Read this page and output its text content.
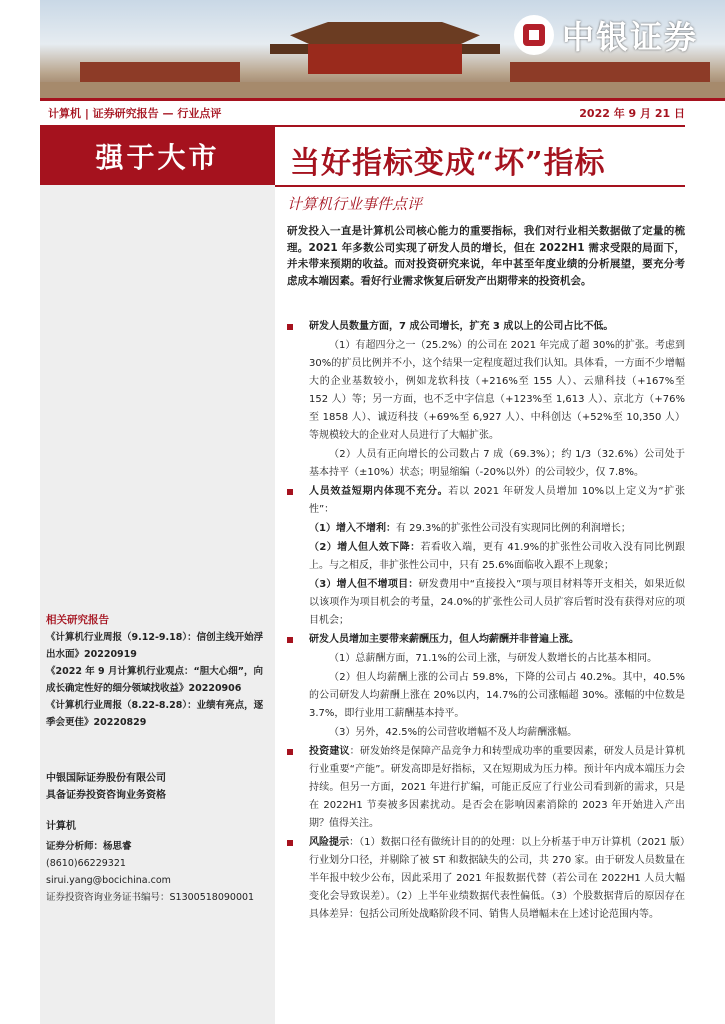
中银证券
计算机 | 证券研究报告 — 行业点评	2022 年 9 月 21 日
强于大市	当好指标变成“坏”指标
计算机行业事件点评
研发投入一直是计算机公司核心能力的重要指标，我们对行业相关数据做了定量的梳理。2021 年多数公司实现了研发人员的增长，但在 2022H1 需求受限的局面下，并未带来预期的收益。而对投资研究来说，年中甚至年度业绩的分析展望，要充分考虑成本端因素。看好行业需求恢复后研发产出期带来的投资机会。
研发人员数量方面，7 成公司增长，扩充 3 成以上的公司占比不低。
（1）有超四分之一（25.2%）的公司在 2021 年完成了超 30%的扩张。考虑到 30%的扩员比例并不小，这个结果一定程度超过我们认知。具体看，一方面不少增幅大的企业基数较小，例如龙软科技（+216%至 155 人）、云鼎科技（+167%至 152 人）等；另一方面，也不乏中字信息（+123%至 1,613 人）、京北方（+76%至 1858 人）、诚迈科技（+69%至 6,927 人）、中科创达（+52%至 10,350 人）等规模较大的企业对人员进行了大幅扩张。
（2）人员有正向增长的公司数占 7 成（69.3%）；约 1/3（32.6%）公司处于基本持平（±10%）状态；明显缩编（-20%以外）的公司较少，仅 7.8%。
人员效益短期内体现不充分。若以 2021 年研发人员增加 10%以上定义为“扩张性”：
（1）增入不增利：有 29.3%的扩张性公司没有实现同比例的利润增长；
（2）增人但人效下降：若看收入端，更有 41.9%的扩张性公司收入没有同比例跟上。与之相反，非扩张性公司中，只有 25.6%面临收入跟不上现象；
（3）增人但不增项目：研发费用中“直接投入”项与项目材料等开支相关，如果近似以该项作为项目机会的考量，24.0%的扩张性公司人员扩容后暂时没有获得对应的项目机会；
研发人员增加主要带来薪酬压力，但人均薪酬并非普遍上涨。
（1）总薪酬方面，71.1%的公司上涨，与研发人数增长的占比基本相同。
（2）但人均薪酬上涨的公司占 59.8%，下降的公司占 40.2%。其中，40.5%的公司研发人均薪酬上涨在 20%以内，14.7%的公司涨幅超 30%。涨幅的中位数是 3.7%，即行业用工薪酬基本持平。
（3）另外，42.5%的公司营收增幅不及人均薪酬涨幅。
投资建议：研发始终是保障产品竞争力和转型成功率的重要因素，研发人员是计算机行业重要“产能”。研发高即是好指标，又在短期成为压力棒。预计年内成本端压力会持续。但另一方面，2021 年进行扩编，可能正反应了行业公司看到新的需求，只是在 2022H1 节奏被多因素扰动。是否会在影响因素消除的 2023 年开始进入产出期？值得关注。
风险提示：（1）数据口径有做统计目的的处理：以上分析基于申万计算机（2021 版）行业划分口径，并剔除了被 ST 和数据缺失的公司，共 270 家。由于研发人员数量在半年报中较少公布，因此采用了 2021 年报数据代替（若公司在 2022H1 人员大幅变化会导致误差）。（2）上半年业绩数据代表性偏低。（3）个股数据背后的原因存在具体差异：包括公司所处战略阶段不同、销售人员增幅未在上述讨论范围内等。
相关研究报告
《计算机行业周报（9.12-9.18）：信创主线开始浮出水面》20220919
《2022 年 9 月计算机行业观点：“胆大心细”，向成长确定性好的细分领域找收益》20220906
《计算机行业周报（8.22-8.28）：业绩有亮点，逐季会更佳》20220829
中银国际证券股份有限公司
具备证券投资咨询业务资格
计算机
证券分析师：杨思睿
(8610)66229321
sirui.yang@bocichina.com
证券投资咨询业务证书编号：S1300518090001
